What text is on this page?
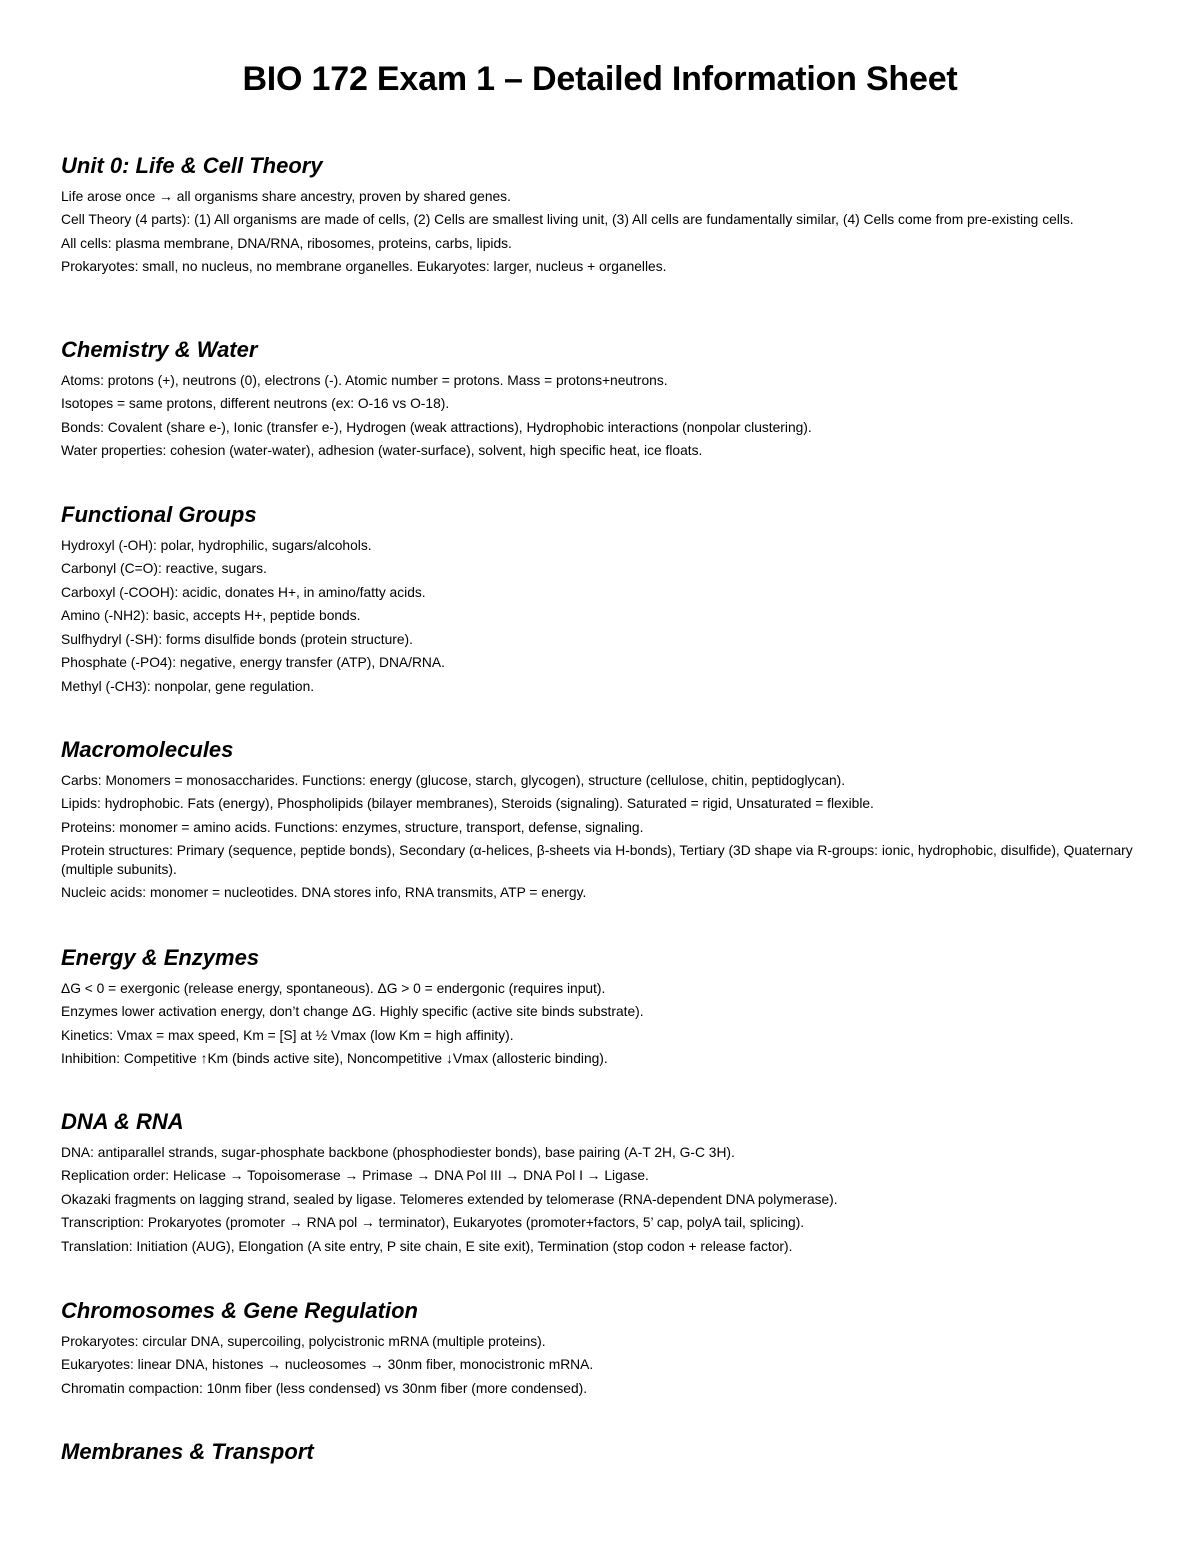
BIO 172 Exam 1 – Detailed Information Sheet
Unit 0: Life & Cell Theory

Life arose once → all organisms share ancestry, proven by shared genes.

Cell Theory (4 parts): (1) All organisms are made of cells, (2) Cells are smallest living unit, (3) All cells are fundamentally similar, (4) Cells come from pre-existing cells.

All cells: plasma membrane, DNA/RNA, ribosomes, proteins, carbs, lipids.

Prokaryotes: small, no nucleus, no membrane organelles. Eukaryotes: larger, nucleus + organelles.

Chemistry & Water

Atoms: protons (+), neutrons (0), electrons (-). Atomic number = protons. Mass = protons+neutrons.

Isotopes = same protons, different neutrons (ex: O-16 vs O-18).

Bonds: Covalent (share e-), Ionic (transfer e-), Hydrogen (weak attractions), Hydrophobic interactions (nonpolar clustering).

Water properties: cohesion (water-water), adhesion (water-surface), solvent, high specific heat, ice floats.

Functional Groups

Hydroxyl (-OH): polar, hydrophilic, sugars/alcohols.

Carbonyl (C=O): reactive, sugars.

Carboxyl (-COOH): acidic, donates H+, in amino/fatty acids.

Amino (-NH2): basic, accepts H+, peptide bonds.

Sulfhydryl (-SH): forms disulfide bonds (protein structure).

Phosphate (-PO4): negative, energy transfer (ATP), DNA/RNA.

Methyl (-CH3): nonpolar, gene regulation.

Macromolecules

Carbs: Monomers = monosaccharides. Functions: energy (glucose, starch, glycogen), structure (cellulose, chitin, peptidoglycan).

Lipids: hydrophobic. Fats (energy), Phospholipids (bilayer membranes), Steroids (signaling). Saturated = rigid, Unsaturated = flexible.

Proteins: monomer = amino acids. Functions: enzymes, structure, transport, defense, signaling.

Protein structures: Primary (sequence, peptide bonds), Secondary (α-helices, β-sheets via H-bonds), Tertiary (3D shape via R-groups: ionic, hydrophobic, disulfide), Quaternary (multiple subunits).

Nucleic acids: monomer = nucleotides. DNA stores info, RNA transmits, ATP = energy.

Energy & Enzymes

ΔG < 0 = exergonic (release energy, spontaneous). ΔG > 0 = endergonic (requires input).

Enzymes lower activation energy, don’t change ΔG. Highly specific (active site binds substrate).

Kinetics: Vmax = max speed, Km = [S] at ½ Vmax (low Km = high affinity).

Inhibition: Competitive ↑Km (binds active site), Noncompetitive ↓Vmax (allosteric binding).

DNA & RNA

DNA: antiparallel strands, sugar-phosphate backbone (phosphodiester bonds), base pairing (A-T 2H, G-C 3H).

Replication order: Helicase → Topoisomerase → Primase → DNA Pol III → DNA Pol I → Ligase.

Okazaki fragments on lagging strand, sealed by ligase. Telomeres extended by telomerase (RNA-dependent DNA polymerase).

Transcription: Prokaryotes (promoter → RNA pol → terminator), Eukaryotes (promoter+factors, 5’ cap, polyA tail, splicing).

Translation: Initiation (AUG), Elongation (A site entry, P site chain, E site exit), Termination (stop codon + release factor).

Chromosomes & Gene Regulation

Prokaryotes: circular DNA, supercoiling, polycistronic mRNA (multiple proteins).

Eukaryotes: linear DNA, histones → nucleosomes → 30nm fiber, monocistronic mRNA.

Chromatin compaction: 10nm fiber (less condensed) vs 30nm fiber (more condensed).

Membranes & Transport
